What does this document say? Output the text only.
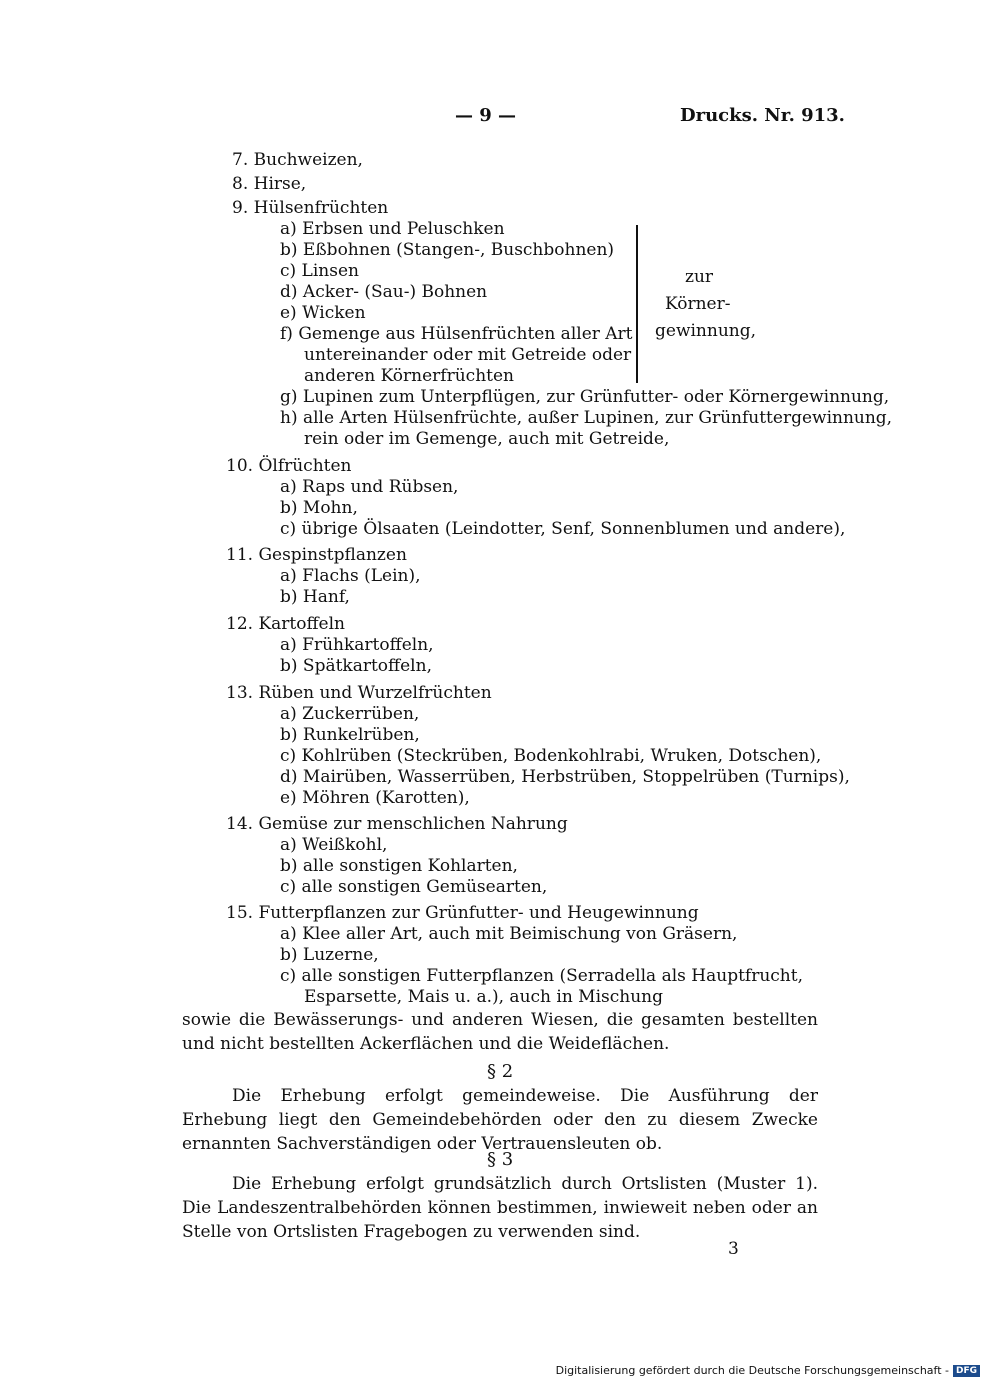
— 9 —	Drucks. Nr. 913.
7. Buchweizen,
8. Hirse,
9. Hülsenfrüchten
a) Erbsen und Peluschken
b) Eßbohnen (Stangen-, Buschbohnen)
c) Linsen
d) Acker- (Sau-) Bohnen
e) Wicken
f) Gemenge aus Hülsenfrüchten aller Art
untereinander oder mit Getreide oder
anderen Körnerfrüchten
zur
Körner-
gewinnung,
g) Lupinen zum Unterpflügen, zur Grünfutter- oder Körnergewinnung,
h) alle Arten Hülsenfrüchte, außer Lupinen, zur Grünfuttergewinnung,
rein oder im Gemenge, auch mit Getreide,
10. Ölfrüchten
a) Raps und Rübsen,
b) Mohn,
c) übrige Ölsaaten (Leindotter, Senf, Sonnenblumen und andere),
11. Gespinstpflanzen
a) Flachs (Lein),
b) Hanf,
12. Kartoffeln
a) Frühkartoffeln,
b) Spätkartoffeln,
13. Rüben und Wurzelfrüchten
a) Zuckerrüben,
b) Runkelrüben,
c) Kohlrüben (Steckrüben, Bodenkohlrabi, Wruken, Dotschen),
d) Mairüben, Wasserrüben, Herbstrüben, Stoppelrüben (Turnips),
e) Möhren (Karotten),
14. Gemüse zur menschlichen Nahrung
a) Weißkohl,
b) alle sonstigen Kohlarten,
c) alle sonstigen Gemüsearten,
15. Futterpflanzen zur Grünfutter- und Heugewinnung
a) Klee aller Art, auch mit Beimischung von Gräsern,
b) Luzerne,
c) alle sonstigen Futterpflanzen (Serradella als Hauptfrucht,
Esparsette, Mais u. a.), auch in Mischung
sowie die Bewässerungs- und anderen Wiesen, die gesamten bestellten und nicht bestellten Ackerflächen und die Weideflächen.
§ 2
Die Erhebung erfolgt gemeindeweise. Die Ausführung der Erhebung liegt den Gemeindebehörden oder den zu diesem Zwecke ernannten Sachverständigen oder Vertrauensleuten ob.
§ 3
Die Erhebung erfolgt grundsätzlich durch Ortslisten (Muster 1). Die Landeszentralbehörden können bestimmen, inwieweit neben oder an Stelle von Ortslisten Fragebogen zu verwenden sind.
3
Digitalisierung gefördert durch die Deutsche Forschungsgemeinschaft - DFG
